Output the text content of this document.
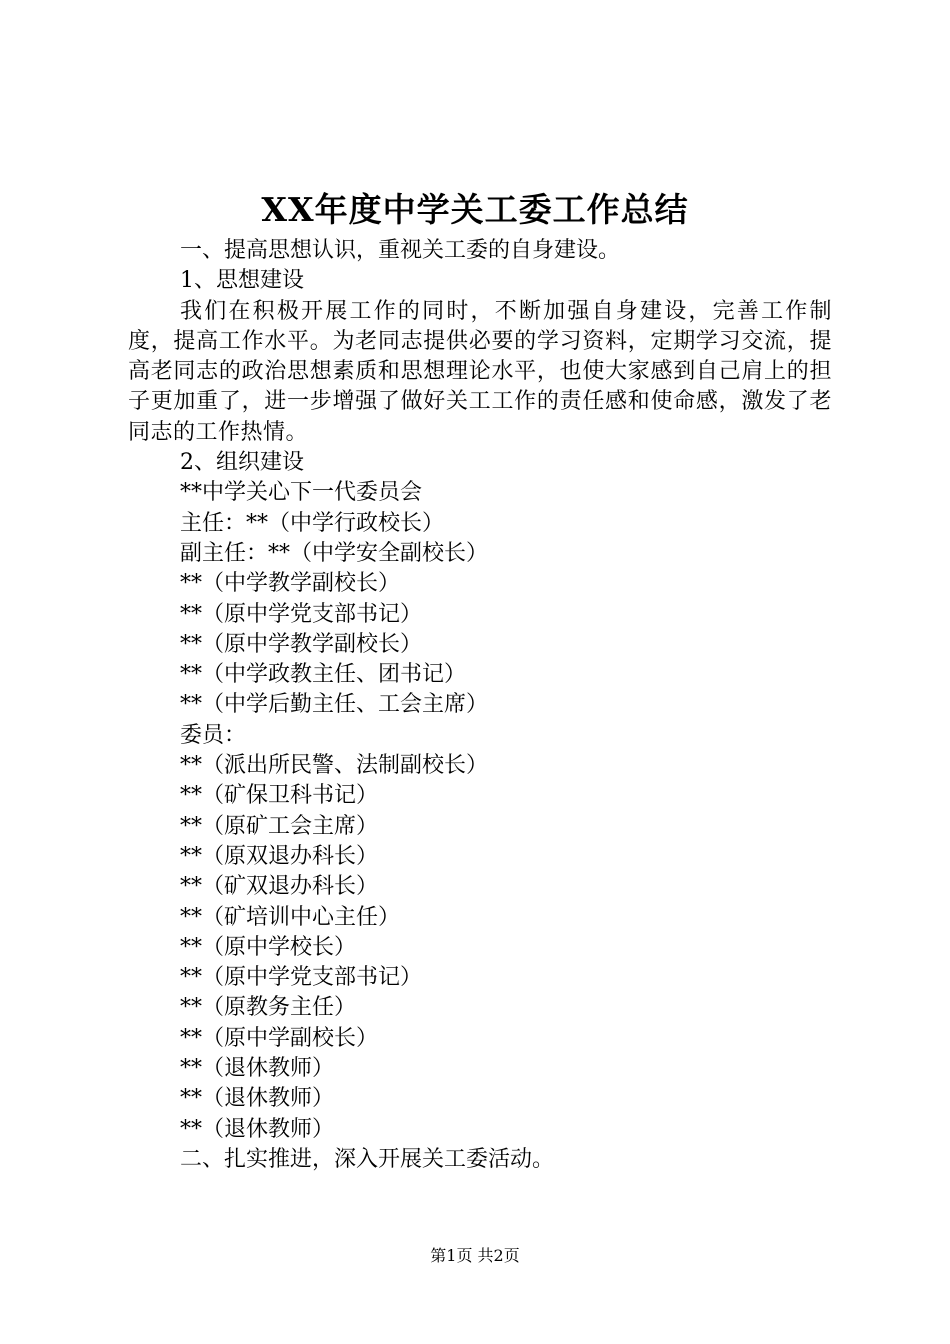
XX年度中学关工委工作总结
一、提高思想认识，重视关工委的自身建设。
1、思想建设
我们在积极开展工作的同时，不断加强自身建设，完善工作制度，提高工作水平。为老同志提供必要的学习资料，定期学习交流，提高老同志的政治思想素质和思想理论水平，也使大家感到自己肩上的担子更加重了，进一步增强了做好关工工作的责任感和使命感，激发了老同志的工作热情。
2、组织建设
**中学关心下一代委员会
主任：**（中学行政校长）
副主任：**（中学安全副校长）
**（中学教学副校长）
**（原中学党支部书记）
**（原中学教学副校长）
**（中学政教主任、团书记）
**（中学后勤主任、工会主席）
委员：
**（派出所民警、法制副校长）
**（矿保卫科书记）
**（原矿工会主席）
**（原双退办科长）
**（矿双退办科长）
**（矿培训中心主任）
**（原中学校长）
**（原中学党支部书记）
**（原教务主任）
**（原中学副校长）
**（退休教师）
**（退休教师）
**（退休教师）
二、扎实推进，深入开展关工委活动。
第1页 共2页
